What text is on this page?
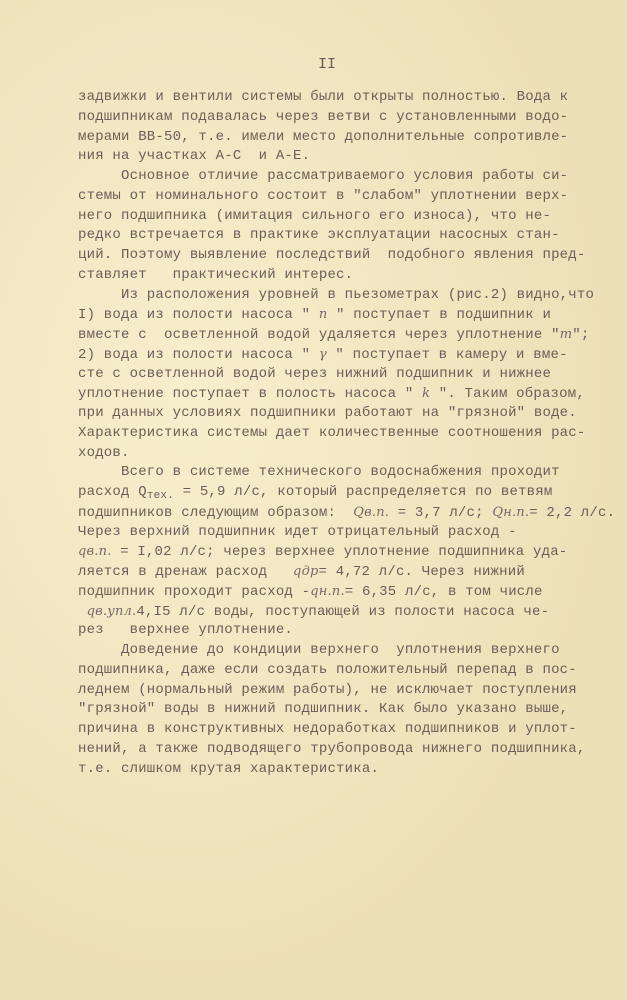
II
задвижки и вентили системы были открыты полностью. Вода к
подшипникам подавалась через ветви с установленными водо-
мерами ВВ-50, т.е. имели место дополнительные сопротивле-
ния на участках А-С  и А-Е.
Основное отличие рассматриваемого условия работы си-
стемы от номинального состоит в "слабом" уплотнении верх-
него подшипника (имитация сильного его износа), что не-
редко встречается в практике эксплуатации насосных стан-
ций. Поэтому выявление последствий  подобного явления пред-
ставляет   практический интерес.
Из расположения уровней в пьезометрах (рис.2) видно,что
I) вода из полости насоса " n " поступает в подшипник и
вместе с  осветленной водой удаляется через уплотнение "m";
2) вода из полости насоса " γ " поступает в камеру и вме-
сте с осветленной водой через нижний подшипник и нижнее
уплотнение поступает в полость насоса " k ". Таким образом,
при данных условиях подшипники работают на "грязной" воде.
Характеристика системы дает количественные соотношения рас-
ходов.
Всего в системе технического водоснабжения проходит
расход $Q_{тех.} = 5,9$ л/с, который распределяется по ветвям
подшипников следующим образом:  Qв.п. = 3,7 л/с; Qн.п.= 2,2 л/с.
Через верхний подшипник идет отрицательный расход -
qв.п. = I,02 л/с; через верхнее уплотнение подшипника уда-
ляется в дренаж расход   qдр= 4,72 л/с. Через нижний
подшипник проходит расход -qн.п.= 6,35 л/с, в том числе
qв.упл.4,I5 л/с воды, поступающей из полости насоса че-
рез   верхнее уплотнение.
Доведение до кондиции верхнего  уплотнения верхнего
подшипника, даже если создать положительный перепад в пос-
леднем (нормальный режим работы), не исключает поступления
"грязной" воды в нижний подшипник. Как было указано выше,
причина в конструктивных недоработках подшипников и уплот-
нений, а также подводящего трубопровода нижнего подшипника,
т.е. слишком крутая характеристика.
